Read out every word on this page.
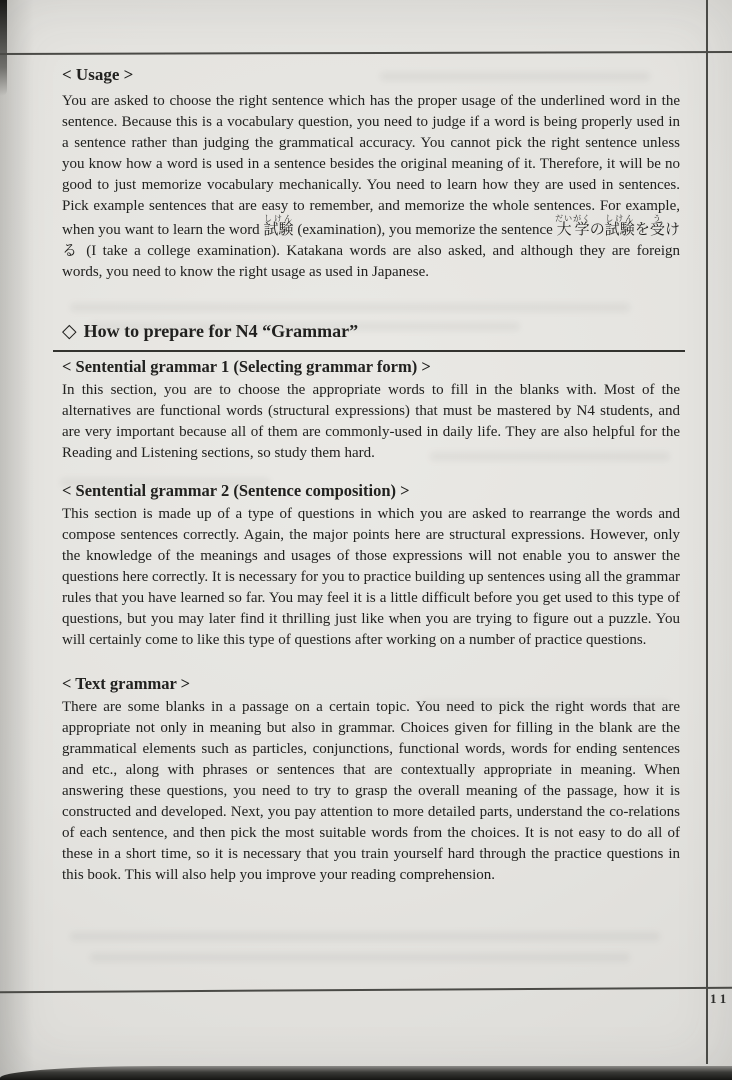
< Usage >

You are asked to choose the right sentence which has the proper usage of the underlined word in the sentence. Because this is a vocabulary question, you need to judge if a word is being properly used in a sentence rather than judging the grammatical accuracy. You cannot pick the right sentence unless you know how a word is used in a sentence besides the original meaning of it. Therefore, it will be no good to just memorize vocabulary mechanically. You need to learn how they are used in sentences. Pick example sentences that are easy to remember, and memorize the whole sentences. For example, when you want to learn the word 試験しけん (examination), you memorize the sentence 大学だいがくの試験しけんを受うける (I take a college examination). Katakana words are also asked, and although they are foreign words, you need to know the right usage as used in Japanese.

◇ How to prepare for N4 “Grammar”
< Sentential grammar 1 (Selecting grammar form) >

In this section, you are to choose the appropriate words to fill in the blanks with. Most of the alternatives are functional words (structural expressions) that must be mastered by N4 students, and are very important because all of them are commonly-used in daily life. They are also helpful for the Reading and Listening sections, so study them hard.

< Sentential grammar 2 (Sentence composition) >

This section is made up of a type of questions in which you are asked to rearrange the words and compose sentences correctly. Again, the major points here are structural expressions. However, only the knowledge of the meanings and usages of those expressions will not enable you to answer the questions here correctly. It is necessary for you to practice building up sentences using all the grammar rules that you have learned so far. You may feel it is a little difficult before you get used to this type of questions, but you may later find it thrilling just like when you are trying to figure out a puzzle. You will certainly come to like this type of questions after working on a number of practice questions.

< Text grammar >

There are some blanks in a passage on a certain topic. You need to pick the right words that are appropriate not only in meaning but also in grammar. Choices given for filling in the blank are the grammatical elements such as particles, conjunctions, functional words, words for ending sentences and etc., along with phrases or sentences that are contextually appropriate in meaning. When answering these questions, you need to try to grasp the overall meaning of the passage, how it is constructed and developed. Next, you pay attention to more detailed parts, understand the co-relations of each sentence, and then pick the most suitable words from the choices. It is not easy to do all of these in a short time, so it is necessary that you train yourself hard through the practice questions in this book. This will also help you improve your reading comprehension.

11
